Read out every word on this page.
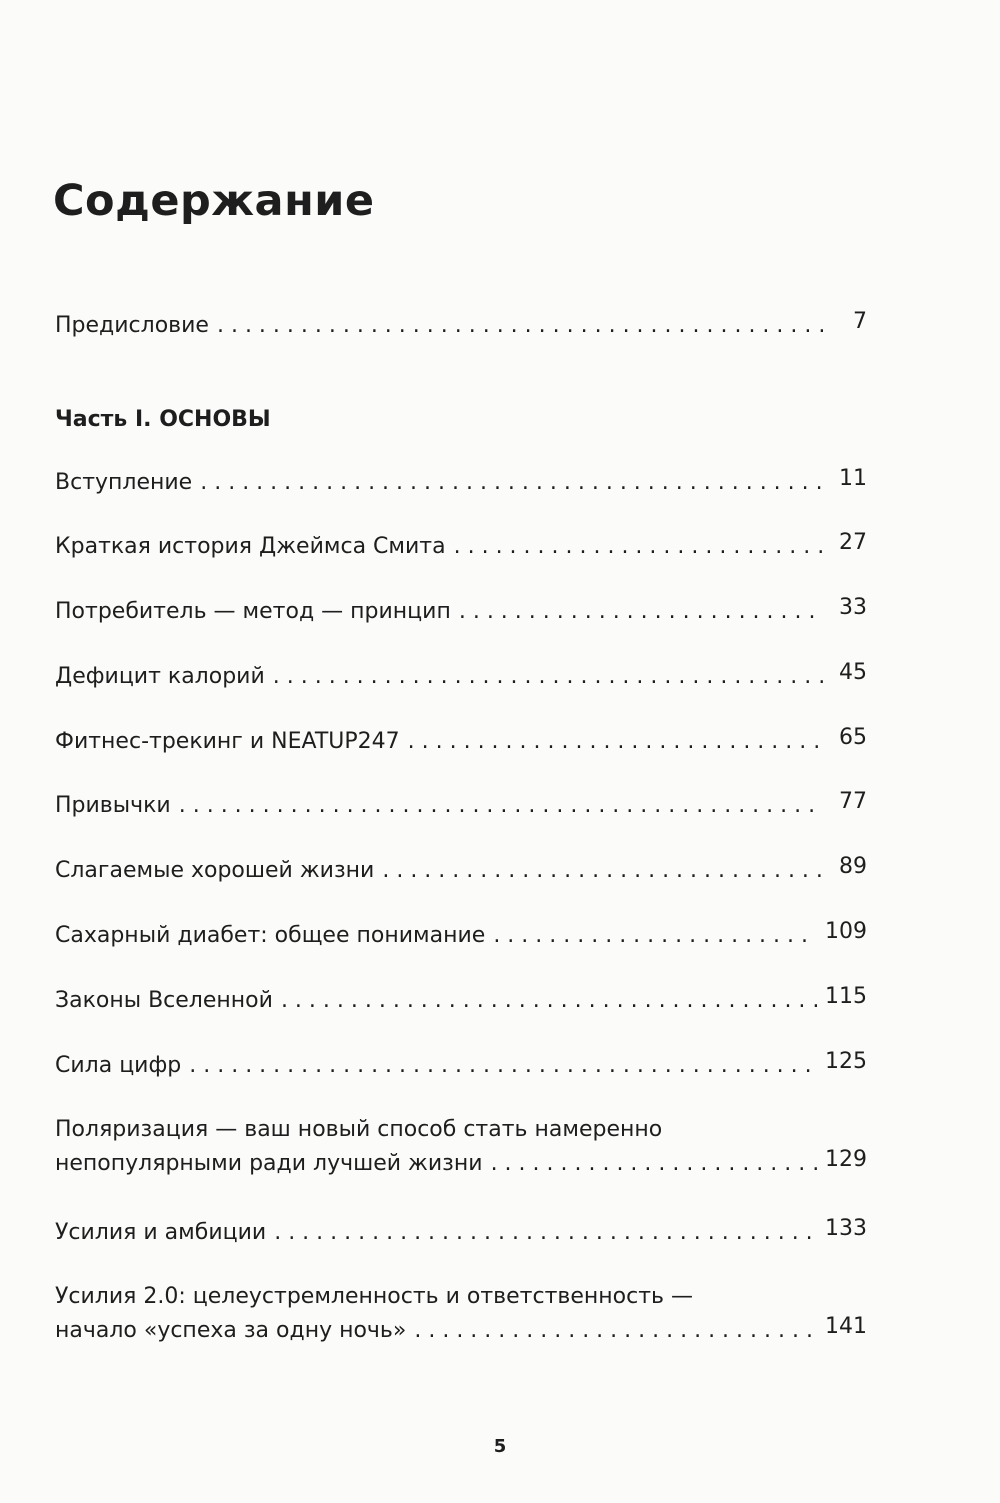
Содержание
Предисловие . . .	7
Часть I. ОСНОВЫ
Вступление . . .	11
Краткая история Джеймса Смита . . .	27
Потребитель — метод — принцип . . .	33
Дефицит калорий . . .	45
Фитнес-трекинг и NEATUP247 . . .	65
Привычки . . .	77
Слагаемые хорошей жизни . . .	89
Сахарный диабет: общее понимание . . .	109
Законы Вселенной . . .	115
Сила цифр . . .	125
Поляризация — ваш новый способ стать намеренно
непопулярными ради лучшей жизни . . .	129
Усилия и амбиции . . .	133
Усилия 2.0: целеустремленность и ответственность —
начало «успеха за одну ночь» . . .	141
5
